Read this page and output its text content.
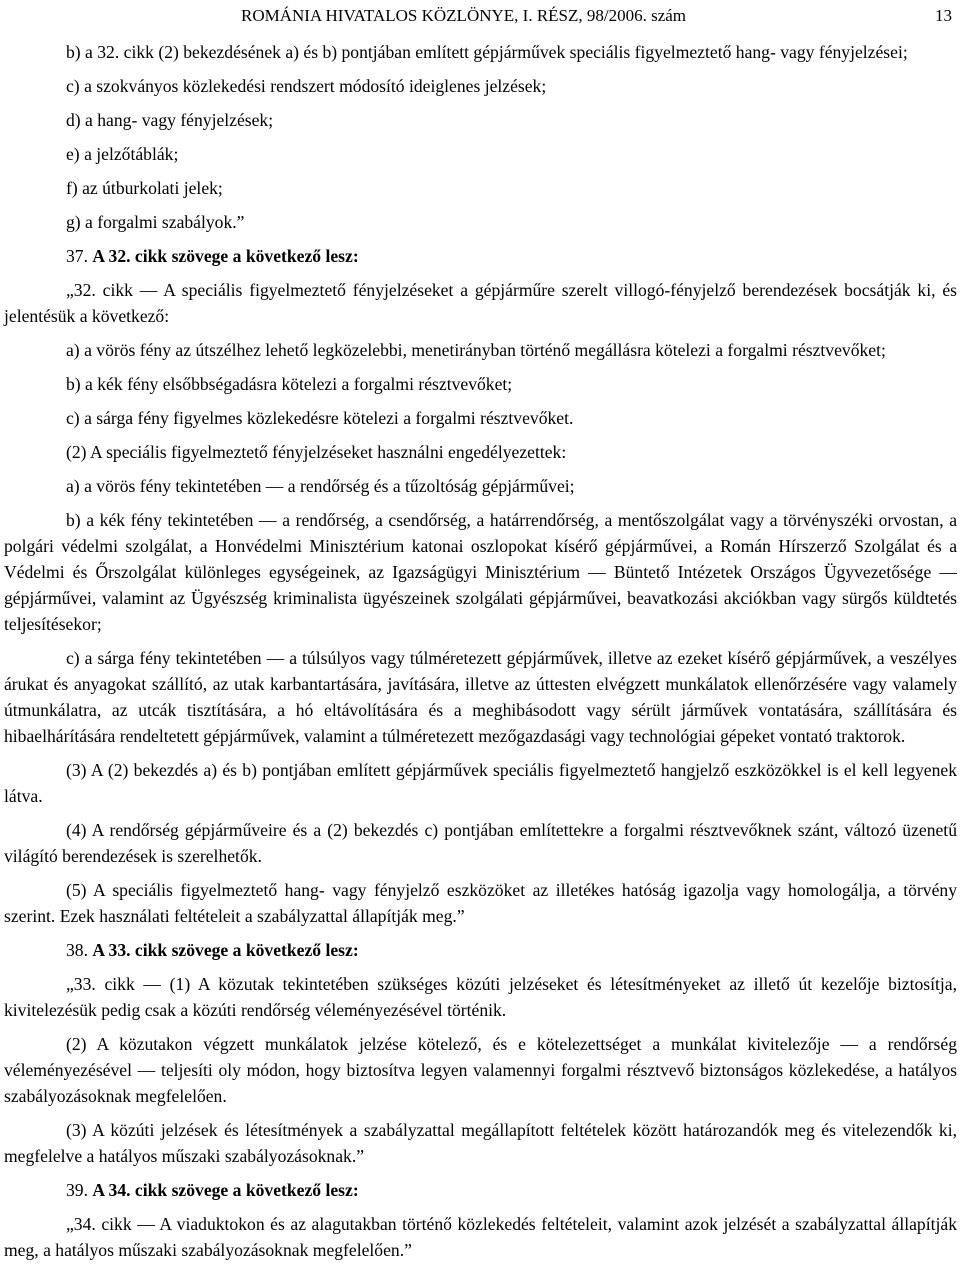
ROMÁNIA HIVATALOS KÖZLÖNYE, I. RÉSZ, 98/2006. szám	13

b) a 32. cikk (2) bekezdésének a) és b) pontjában említett gépjárművek speciális figyelmeztető hang- vagy fényjelzései;

c) a szokványos közlekedési rendszert módosító ideiglenes jelzések;

d) a hang- vagy fényjelzések;

e) a jelzőtáblák;

f) az útburkolati jelek;

g) a forgalmi szabályok.”

37. A 32. cikk szövege a következő lesz:

„32. cikk — A speciális figyelmeztető fényjelzéseket a gépjárműre szerelt villogó-fényjelző berendezések bocsátják ki, és jelentésük a következő:

a) a vörös fény az útszélhez lehető legközelebbi, menetirányban történő megállásra kötelezi a forgalmi résztvevőket;

b) a kék fény elsőbbségadásra kötelezi a forgalmi résztvevőket;

c) a sárga fény figyelmes közlekedésre kötelezi a forgalmi résztvevőket.

(2) A speciális figyelmeztető fényjelzéseket használni engedélyezettek:

a) a vörös fény tekintetében — a rendőrség és a tűzoltóság gépjárművei;

b) a kék fény tekintetében — a rendőrség, a csendőrség, a határrendőrség, a mentőszolgálat vagy a törvényszéki orvostan, a polgári védelmi szolgálat, a Honvédelmi Minisztérium katonai oszlopokat kísérő gépjárművei, a Román Hírszerző Szolgálat és a Védelmi és Őrszolgálat különleges egységeinek, az Igazságügyi Minisztérium — Büntető Intézetek Országos Ügyvezetősége — gépjárművei, valamint az Ügyészség kriminalista ügyészeinek szolgálati gépjárművei, beavatkozási akciókban vagy sürgős küldtetés teljesítésekor;

c) a sárga fény tekintetében — a túlsúlyos vagy túlméretezett gépjárművek, illetve az ezeket kísérő gépjárművek, a veszélyes árukat és anyagokat szállító, az utak karbantartására, javítására, illetve az úttesten elvégzett munkálatok ellenőrzésére vagy valamely útmunkálatra, az utcák tisztítására, a hó eltávolítására és a meghibásodott vagy sérült járművek vontatására, szállítására és hibaelhárítására rendeltetett gépjárművek, valamint a túlméretezett mezőgazdasági vagy technológiai gépeket vontató traktorok.

(3) A (2) bekezdés a) és b) pontjában említett gépjárművek speciális figyelmeztető hangjelző eszközökkel is el kell legyenek látva.

(4) A rendőrség gépjárműveire és a (2) bekezdés c) pontjában említettekre a forgalmi résztvevőknek szánt, változó üzenetű világító berendezések is szerelhetők.

(5) A speciális figyelmeztető hang- vagy fényjelző eszközöket az illetékes hatóság igazolja vagy homologálja, a törvény szerint. Ezek használati feltételeit a szabályzattal állapítják meg.”

38. A 33. cikk szövege a következő lesz:

„33. cikk — (1) A közutak tekintetében szükséges közúti jelzéseket és létesítményeket az illető út kezelője biztosítja, kivitelezésük pedig csak a közúti rendőrség véleményezésével történik.

(2) A közutakon végzett munkálatok jelzése kötelező, és e kötelezettséget a munkálat kivitelezője — a rendőrség véleményezésével — teljesíti oly módon, hogy biztosítva legyen valamennyi forgalmi résztvevő biztonságos közlekedése, a hatályos szabályozásoknak megfelelően.

(3) A közúti jelzések és létesítmények a szabályzattal megállapított feltételek között határozandók meg és vitelezendők ki, megfelelve a hatályos műszaki szabályozásoknak.”

39. A 34. cikk szövege a következő lesz:

„34. cikk — A viaduktokon és az alagutakban történő közlekedés feltételeit, valamint azok jelzését a szabályzattal állapítják meg, a hatályos műszaki szabályozásoknak megfelelően.”
